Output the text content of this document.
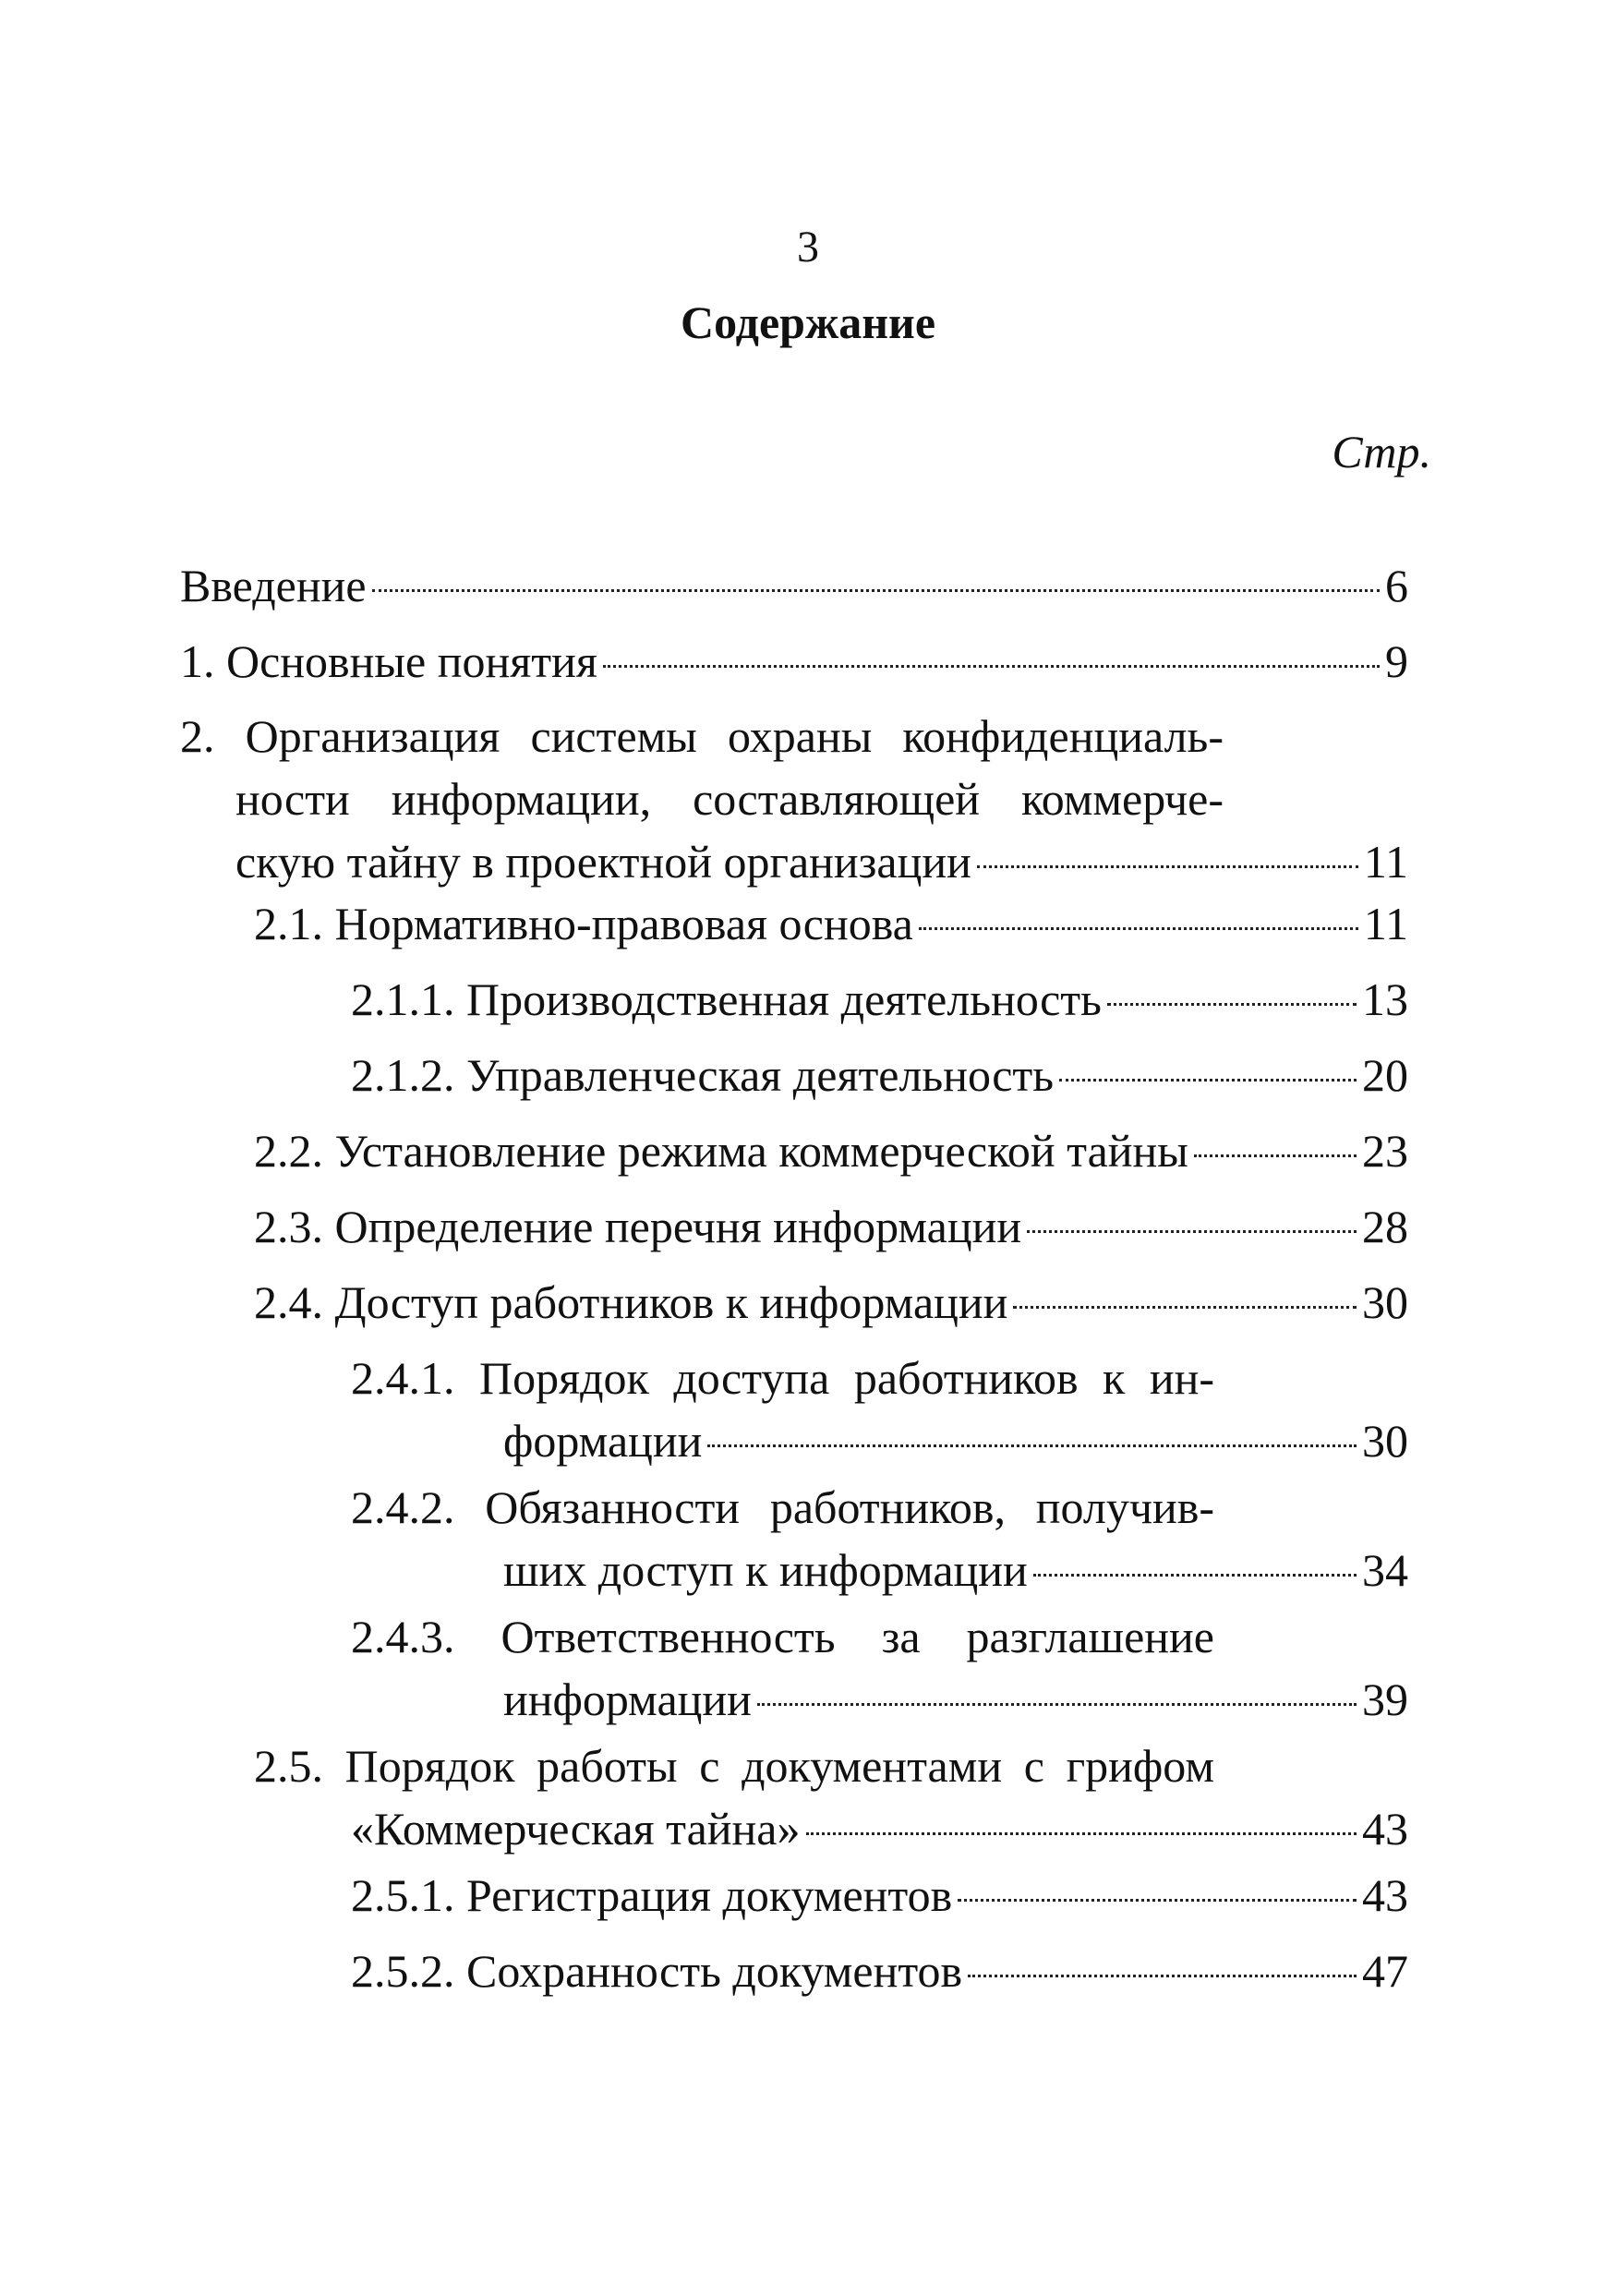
3
Содержание
Стр.
Введение	6
1. Основные понятия	9
2. Организация системы охраны конфиденциаль-
ности информации, составляющей коммерче-
скую тайну в проектной организации	11
2.1. Нормативно-правовая основа	11
2.1.1. Производственная деятельность	13
2.1.2. Управленческая деятельность	20
2.2. Установление режима коммерческой тайны	23
2.3. Определение перечня информации	28
2.4. Доступ работников к информации	30
2.4.1. Порядок доступа работников к ин-
формации	30
2.4.2. Обязанности работников, получив-
ших доступ к информации	34
2.4.3. Ответственность за разглашение
информации	39
2.5. Порядок работы с документами с грифом
«Коммерческая тайна»	43
2.5.1. Регистрация документов	43
2.5.2. Сохранность документов	47
